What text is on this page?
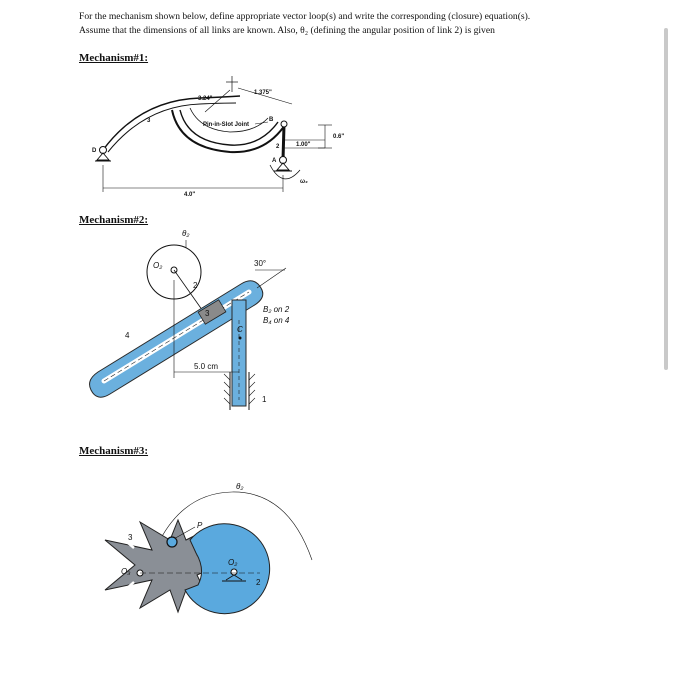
For the mechanism shown below, define appropriate vector loop(s) and write the corresponding (closure) equation(s).

Assume that the dimensions of all links are known. Also, θ₂ (defining the angular position of link 2) is given

Mechanism#1:
3.24"
1.375"
Pin-in-Slot Joint
B
3
2
A
ω₂
D
1.00"
0.6"
4.0"
Mechanism#2:
θ₂
O₂
2
4
3
C
1
30°
B₂ on 2
B₄ on 4
5.0 cm
Mechanism#3:
θ₂
3
O₃
O₂
P
2
